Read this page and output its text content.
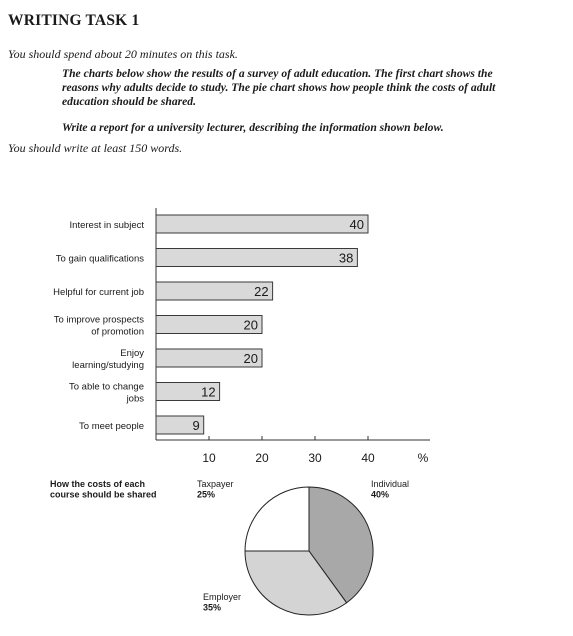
WRITING TASK 1

You should spend about 20 minutes on this task.

The charts below show the results of a survey of adult education. The first chart shows the reasons why adults decide to study. The pie chart shows how people think the costs of adult education should be shared.

Write a report for a university lecturer, describing the information shown below.

You should write at least 150 words.

40
Interest in subject
38
To gain qualifications
22
Helpful for current job
20
To improve prospects
of promotion
20
Enjoy
learning/studying
12
To able to change
jobs
9
To meet people
10	20	30	40	%
How the costs of each
course should be shared
Individual
40%
Employer
35%
Taxpayer
25%
